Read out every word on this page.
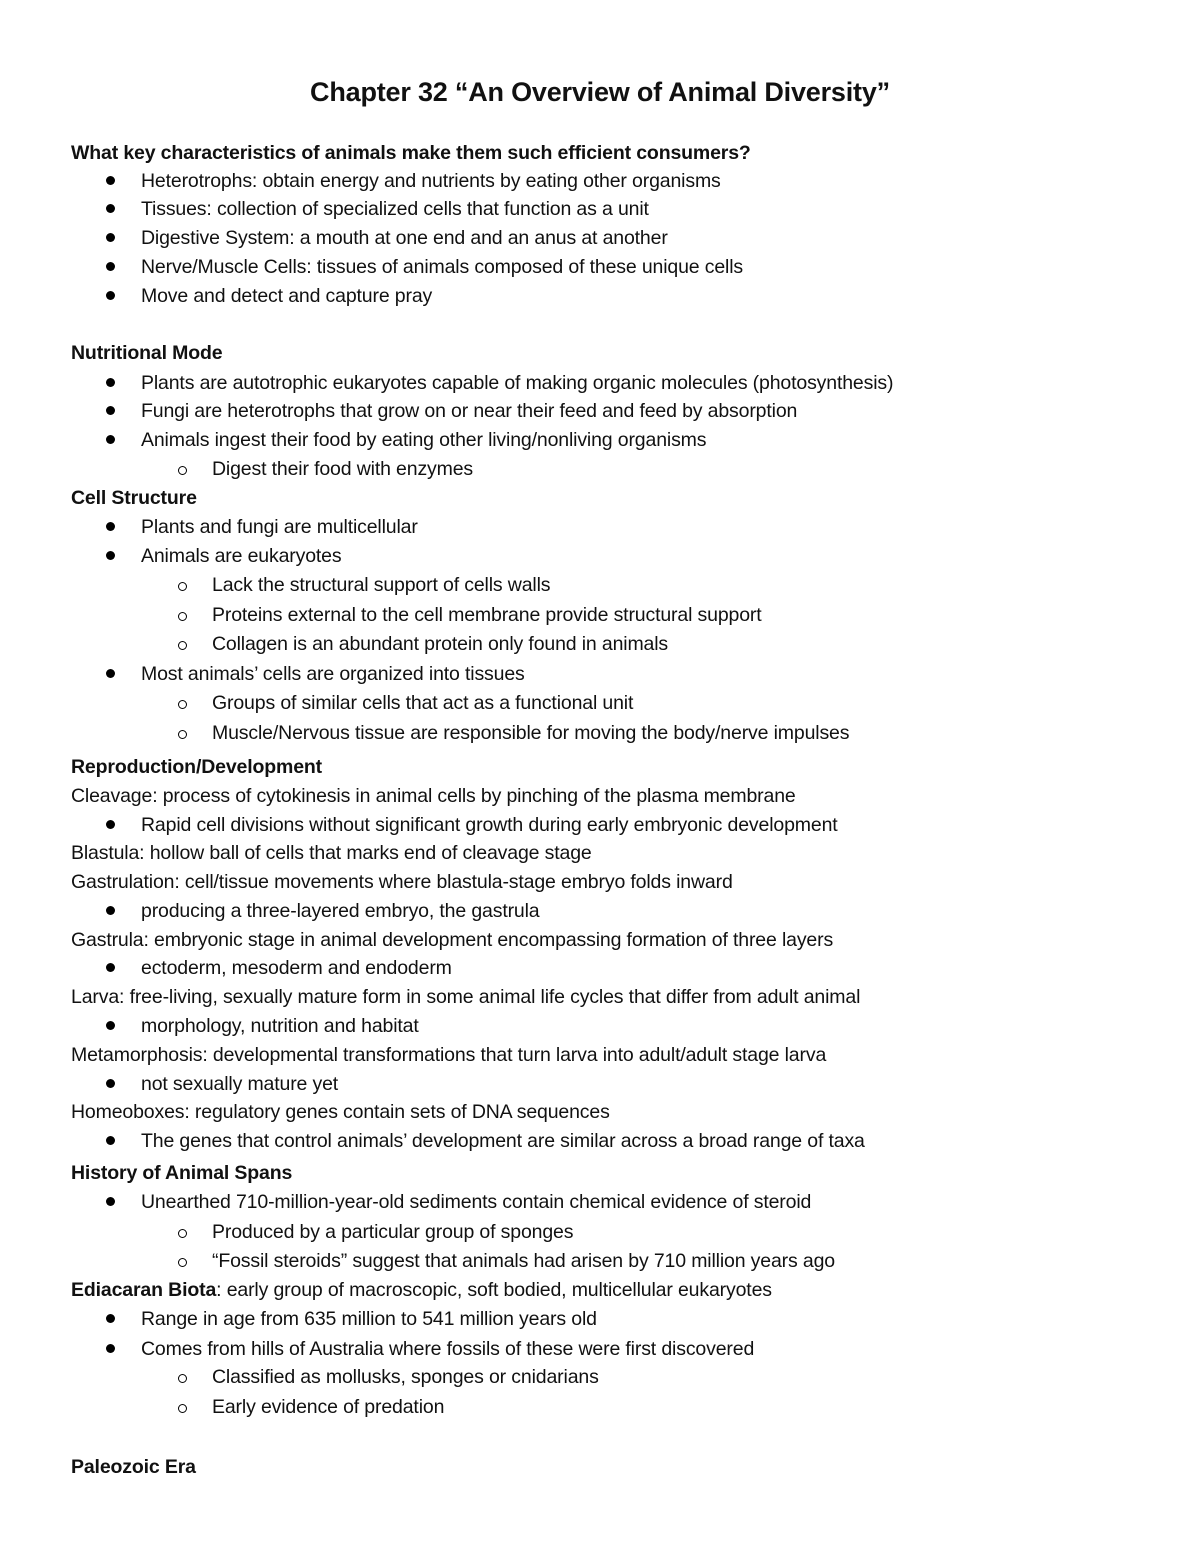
Chapter 32 “An Overview of Animal Diversity”
What key characteristics of animals make them such efficient consumers?
Heterotrophs: obtain energy and nutrients by eating other organisms
Tissues: collection of specialized cells that function as a unit
Digestive System: a mouth at one end and an anus at another
Nerve/Muscle Cells: tissues of animals composed of these unique cells
Move and detect and capture pray
Nutritional Mode
Plants are autotrophic eukaryotes capable of making organic molecules (photosynthesis)
Fungi are heterotrophs that grow on or near their feed and feed by absorption
Animals ingest their food by eating other living/nonliving organisms
Digest their food with enzymes
Cell Structure
Plants and fungi are multicellular
Animals are eukaryotes
Lack the structural support of cells walls
Proteins external to the cell membrane provide structural support
Collagen is an abundant protein only found in animals
Most animals’ cells are organized into tissues
Groups of similar cells that act as a functional unit
Muscle/Nervous tissue are responsible for moving the body/nerve impulses
Reproduction/Development
Cleavage: process of cytokinesis in animal cells by pinching of the plasma membrane
Rapid cell divisions without significant growth during early embryonic development
Blastula: hollow ball of cells that marks end of cleavage stage
Gastrulation: cell/tissue movements where blastula-stage embryo folds inward
producing a three-layered embryo, the gastrula
Gastrula: embryonic stage in animal development encompassing formation of three layers
ectoderm, mesoderm and endoderm
Larva: free-living, sexually mature form in some animal life cycles that differ from adult animal
morphology, nutrition and habitat
Metamorphosis: developmental transformations that turn larva into adult/adult stage larva
not sexually mature yet
Homeoboxes: regulatory genes contain sets of DNA sequences
The genes that control animals’ development are similar across a broad range of taxa
History of Animal Spans
Unearthed 710-million-year-old sediments contain chemical evidence of steroid
Produced by a particular group of sponges
“Fossil steroids” suggest that animals had arisen by 710 million years ago
Ediacaran Biota: early group of macroscopic, soft bodied, multicellular eukaryotes
Range in age from 635 million to 541 million years old
Comes from hills of Australia where fossils of these were first discovered
Classified as mollusks, sponges or cnidarians
Early evidence of predation
Paleozoic Era
